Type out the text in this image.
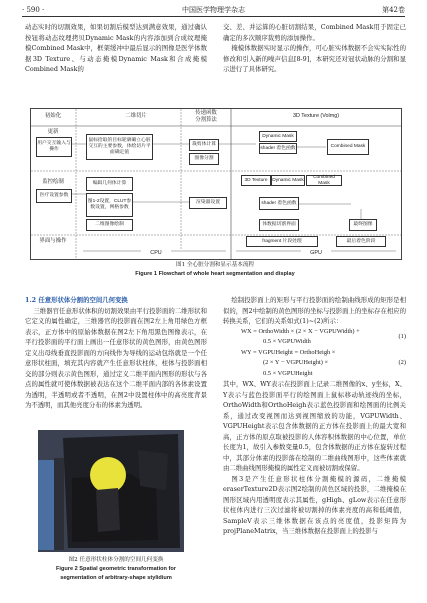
· 590 ·	中国医学物理学杂志	第42卷

动态实时的切割效果，如果切割后模型达到满意效果，通过确认按钮将动态纹理拷贝Dynamic Mask的内容添加到合成纹理掩模Combined Mask中，框架缓冲中最后显示的图像是医学体数据3D Texture、与动态掩模Dynamic Mask和合成掩模Combined Mask的

交、差、并运算的心脏切割结果，Combined Mask用于固定已确定的多次顺序裁剪的添加操作。

掩模体数据实时显示的操作，可心脏实体数据不会实实际性的修改和引入新的噪声信息[8-9]，本研究还对冠状动脉的分割和显示进行了具体研究。

初始化	二维切片	传递函数
分割算法
3D Texture (Volmg)
更新
监控绘制
界面与操作
用户交互输入与操作
鼠标拾取的目标轮廓确立心脏交互的主要参数，体绘切片平面确定值
裁剪体计算
图像分割
Dynamic Mask
shader 着色函数	Combined Mask
医疗设置参数
编辑几何体计算
3D Texture Dynamic Mask
Combined Mask
图1-2设置，CLUT参数设置，网格参数
渲染器设置	shader 着色函数
二维图像绘制	体数据切割界面	最终图像
fragment 片段处理	最后着色阶段
CPU	GPU
图1 全心脏分割和显示基本流程
Figure 1 Flowchart of whole heart segmentation and display

1.2 任意形状体分割的空间几何变换

三维器官任意形状体积的切割效果由平行投影面的二维形状和它定义的属性确定，三维器官的投影面在图2左上角用绿色方框表示，正方体中的原始体数据在图2左下角用黑色图像表示，在平行投影面的平行面上画出一任意形状的黄色图形，由黄色图形定义出母线垂直投影面的方向线作为导线的运动包络就是一个任意形状柱面，填充其内容就产生任意形状柱体，柱体与投影面相交的部分则表示黄色图形，通过定义二维平面内图形的形状与各点的属性就可使体数据被表达在这个二维平面内部的各体素设置为透明，半透明或者不透明，在图2中设置柱体中的高亮度背景为不透明，而其他亮度分布的体素为透明。

图2 任意形状柱体分割的空间几何变换
Figure 2 Spatial geometric transformation for
segmentation of arbitrary-shape stylidium

绘制投影面上的矩形与平行投影面的绘制曲线形成的矩形是相似的，图2中绘制的黄色图形的坐标与投影面上的坐标存在相应的转换关系，它们的关系如式(1)~(2)所示：

WX = OrthoWidth × (2 × X − VGPUWidth) +
0.5 × VGPUWidth
(1)
WY = VGPUHeight = OrthoHeigh ×
(2 × Y − VGPUHeight) ×
0.5 × VGPUHeight
(2)

其中，WX、WY表示在投影面上记录二维图像的x、y坐标，X、Y表示与蓝色投影面平行的绘图面上鼠标移动轨迹线的坐标，OrthoWidth和OrthoHeigh表示蓝色投影面和绘图面的比例关系，通过改变视图而达到视图缩放的功能，VGPUWidth、VGPUHeight表示包含体数据的正方体在投影面上的最大宽和高，正方体的原点取被投影的人体容积体数据的中心位置，单位长度为1，故引入参数变量0.5，包含体数据的正方体在旋转过程中，其部分体素的投影落在绘制的二维曲线图形中，这些体素就由二维曲线图形掩模的属性定义而被切割或保留。

图3是产生任意形状柱体分割掩模的源码，二维掩模eraserTexture2D表示图2绘制的黄色区域的投影，二维掩模在图形区域内用透明度表示其属性，gHigh、gLow表示在任意形状柱体内进行三次过滤将被切割掉的体素亮度的高和低阈值，SampleV表示三维体数据在该点的亮度值，投影矩阵为projPlaneMatrix，当三维体数据在投影面上的投影与
